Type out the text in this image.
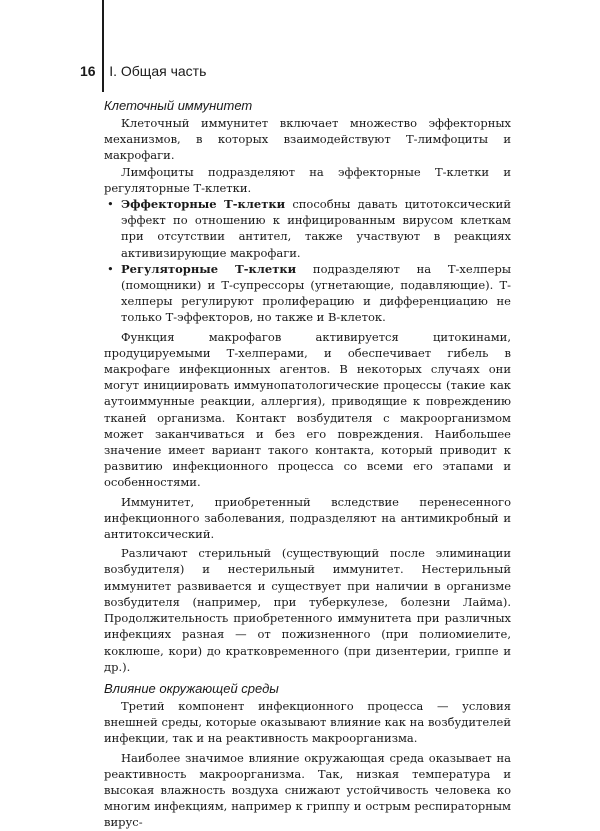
16 | I. Общая часть
Клеточный иммунитет

Клеточный иммунитет включает множество эффекторных механизмов, в которых взаимодействуют Т-лимфоциты и макрофаги.

Лимфоциты подразделяют на эффекторные Т-клетки и регуляторные Т-клетки.

• Эффекторные Т-клетки способны давать цитотоксический эффект по отношению к инфицированным вирусом клеткам при отсутствии антител, также участвуют в реакциях активизирующие макрофаги.
• Регуляторные Т-клетки подразделяют на Т-хелперы (помощники) и Т-супрессоры (угнетающие, подавляющие). Т-хелперы регулируют пролиферацию и дифференциацию не только Т-эффекторов, но также и В-клеток.

Функция макрофагов активируется цитокинами, продуцируемыми Т-хелперами, и обеспечивает гибель в макрофаге инфекционных агентов. В некоторых случаях они могут инициировать иммунопатологические процессы (такие как аутоиммунные реакции, аллергия), приводящие к повреждению тканей организма. Контакт возбудителя с макроорганизмом может заканчиваться и без его повреждения. Наибольшее значение имеет вариант такого контакта, который приводит к развитию инфекционного процесса со всеми его этапами и особенностями.

Иммунитет, приобретенный вследствие перенесенного инфекционного заболевания, подразделяют на антимикробный и антитоксический.

Различают стерильный (существующий после элиминации возбудителя) и нестерильный иммунитет. Нестерильный иммунитет развивается и существует при наличии в организме возбудителя (например, при туберкулезе, болезни Лайма). Продолжительность приобретенного иммунитета при различных инфекциях разная — от пожизненного (при полиомиелите, коклюше, кори) до кратковременного (при дизентерии, гриппе и др.).

Влияние окружающей среды

Третий компонент инфекционного процесса — условия внешней среды, которые оказывают влияние как на возбудителей инфекции, так и на реактивность макроорганизма.

Наиболее значимое влияние окружающая среда оказывает на реактивность макроорганизма. Так, низкая температура и высокая влажность воздуха снижают устойчивость человека ко многим инфекциям, например к гриппу и острым респираторным вирус-
